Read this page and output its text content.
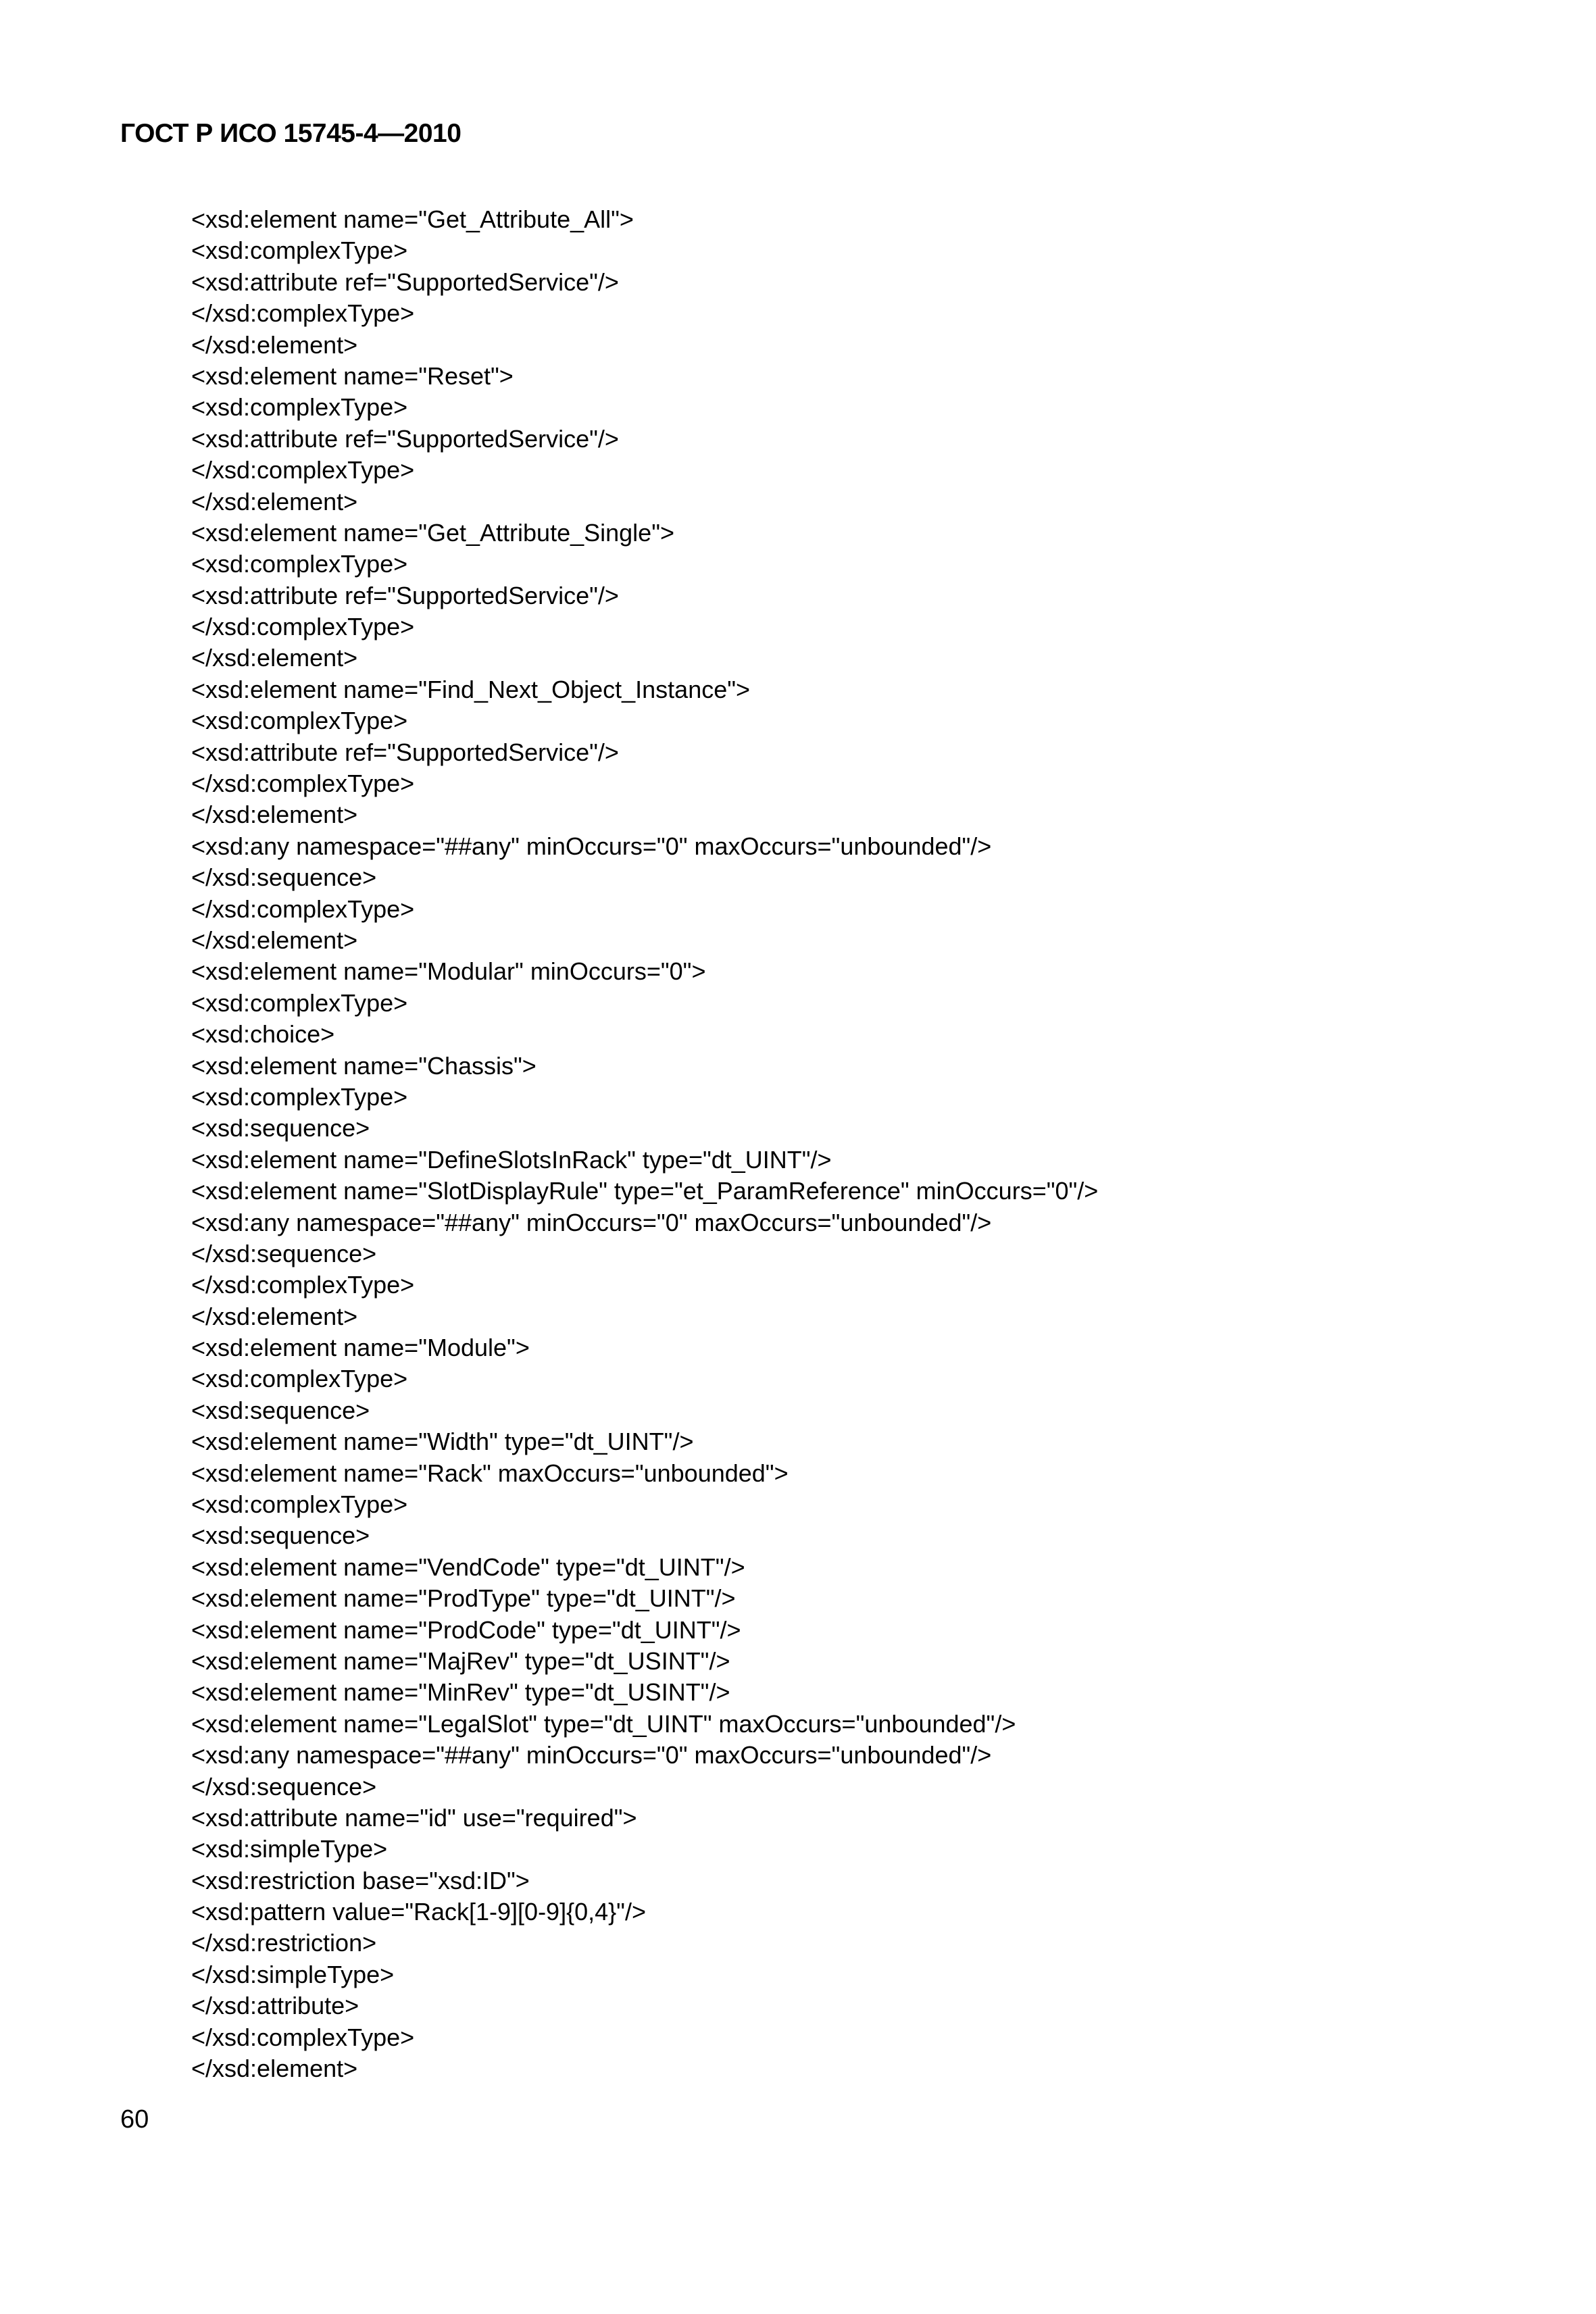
ГОСТ Р ИСО 15745-4—2010
<xsd:element name="Get_Attribute_All">
<xsd:complexType>
<xsd:attribute ref="SupportedService"/>
</xsd:complexType>
</xsd:element>
<xsd:element name="Reset">
<xsd:complexType>
<xsd:attribute ref="SupportedService"/>
</xsd:complexType>
</xsd:element>
<xsd:element name="Get_Attribute_Single">
<xsd:complexType>
<xsd:attribute ref="SupportedService"/>
</xsd:complexType>
</xsd:element>
<xsd:element name="Find_Next_Object_Instance">
<xsd:complexType>
<xsd:attribute ref="SupportedService"/>
</xsd:complexType>
</xsd:element>
<xsd:any namespace="##any" minOccurs="0" maxOccurs="unbounded"/>
</xsd:sequence>
</xsd:complexType>
</xsd:element>
<xsd:element name="Modular" minOccurs="0">
<xsd:complexType>
<xsd:choice>
<xsd:element name="Chassis">
<xsd:complexType>
<xsd:sequence>
<xsd:element name="DefineSlotsInRack" type="dt_UINT"/>
<xsd:element name="SlotDisplayRule" type="et_ParamReference" minOccurs="0"/>
<xsd:any namespace="##any" minOccurs="0" maxOccurs="unbounded"/>
</xsd:sequence>
</xsd:complexType>
</xsd:element>
<xsd:element name="Module">
<xsd:complexType>
<xsd:sequence>
<xsd:element name="Width" type="dt_UINT"/>
<xsd:element name="Rack" maxOccurs="unbounded">
<xsd:complexType>
<xsd:sequence>
<xsd:element name="VendCode" type="dt_UINT"/>
<xsd:element name="ProdType" type="dt_UINT"/>
<xsd:element name="ProdCode" type="dt_UINT"/>
<xsd:element name="MajRev" type="dt_USINT"/>
<xsd:element name="MinRev" type="dt_USINT"/>
<xsd:element name="LegalSlot" type="dt_UINT" maxOccurs="unbounded"/>
<xsd:any namespace="##any" minOccurs="0" maxOccurs="unbounded"/>
</xsd:sequence>
<xsd:attribute name="id" use="required">
<xsd:simpleType>
<xsd:restriction base="xsd:ID">
<xsd:pattern value="Rack[1-9][0-9]{0,4}"/>
</xsd:restriction>
</xsd:simpleType>
</xsd:attribute>
</xsd:complexType>
</xsd:element>
60
